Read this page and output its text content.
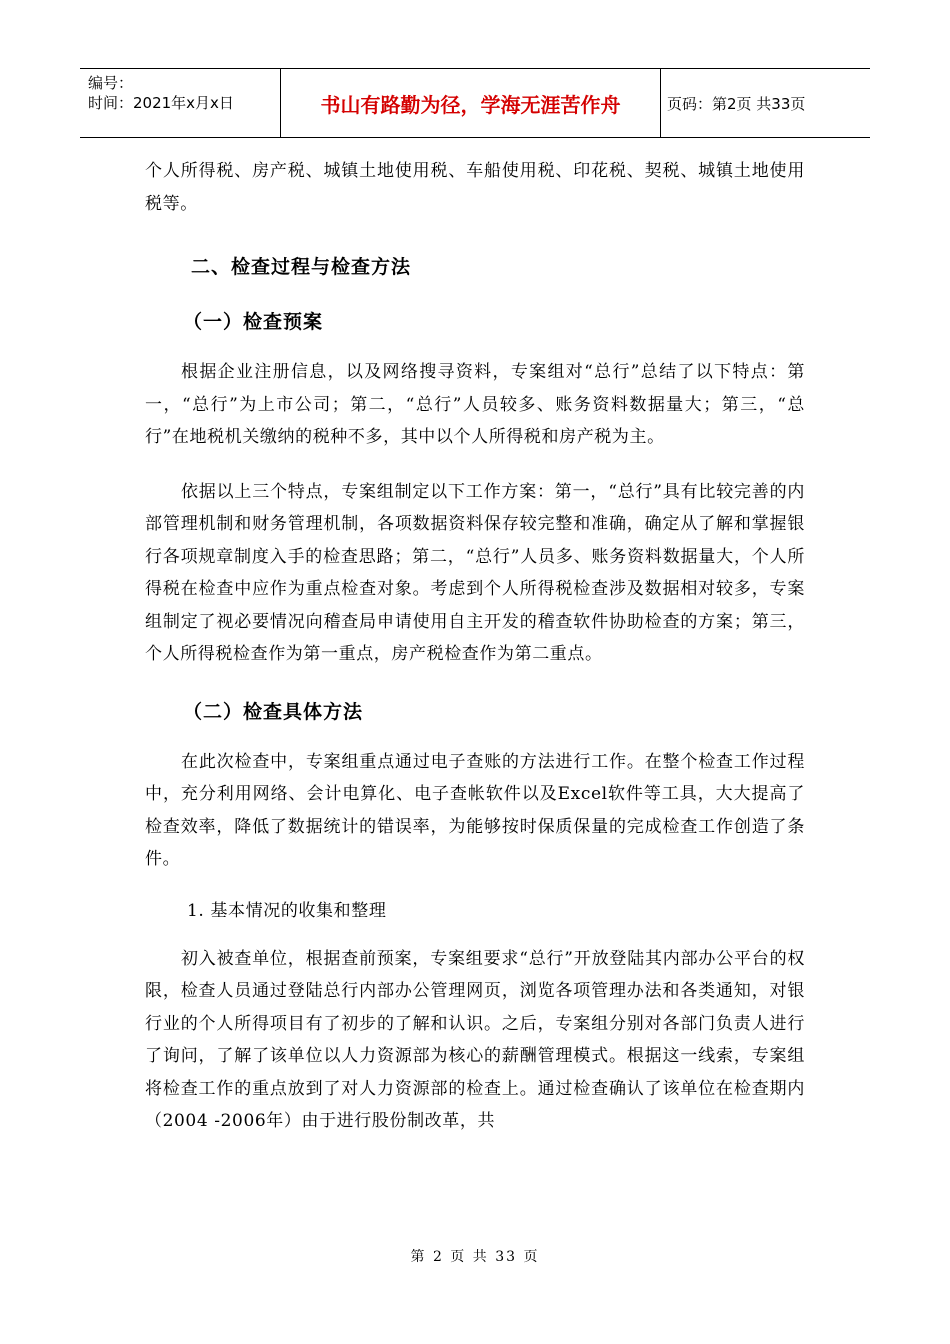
编号：
时间：2021年x月x日	书山有路勤为径，学海无涯苦作舟	页码：第2页 共33页

个人所得税、房产税、城镇土地使用税、车船使用税、印花税、契税、城镇土地使用税等。

二、检查过程与检查方法
（一）检查预案

根据企业注册信息，以及网络搜寻资料，专案组对“总行”总结了以下特点：第一，“总行”为上市公司；第二，“总行”人员较多、账务资料数据量大；第三，“总行”在地税机关缴纳的税种不多，其中以个人所得税和房产税为主。

依据以上三个特点，专案组制定以下工作方案：第一，“总行”具有比较完善的内部管理机制和财务管理机制，各项数据资料保存较完整和准确，确定从了解和掌握银行各项规章制度入手的检查思路；第二，“总行”人员多、账务资料数据量大，个人所得税在检查中应作为重点检查对象。考虑到个人所得税检查涉及数据相对较多，专案组制定了视必要情况向稽查局申请使用自主开发的稽查软件协助检查的方案；第三，个人所得税检查作为第一重点，房产税检查作为第二重点。

（二）检查具体方法

在此次检查中，专案组重点通过电子查账的方法进行工作。在整个检查工作过程中，充分利用网络、会计电算化、电子查帐软件以及Excel软件等工具，大大提高了检查效率，降低了数据统计的错误率，为能够按时保质保量的完成检查工作创造了条件。

1. 基本情况的收集和整理

初入被查单位，根据查前预案，专案组要求“总行”开放登陆其内部办公平台的权限，检查人员通过登陆总行内部办公管理网页，浏览各项管理办法和各类通知，对银行业的个人所得项目有了初步的了解和认识。之后，专案组分别对各部门负责人进行了询问，了解了该单位以人力资源部为核心的薪酬管理模式。根据这一线索，专案组将检查工作的重点放到了对人力资源部的检查上。通过检查确认了该单位在检查期内（2004 -2006年）由于进行股份制改革，共

第 2 页 共 33 页
